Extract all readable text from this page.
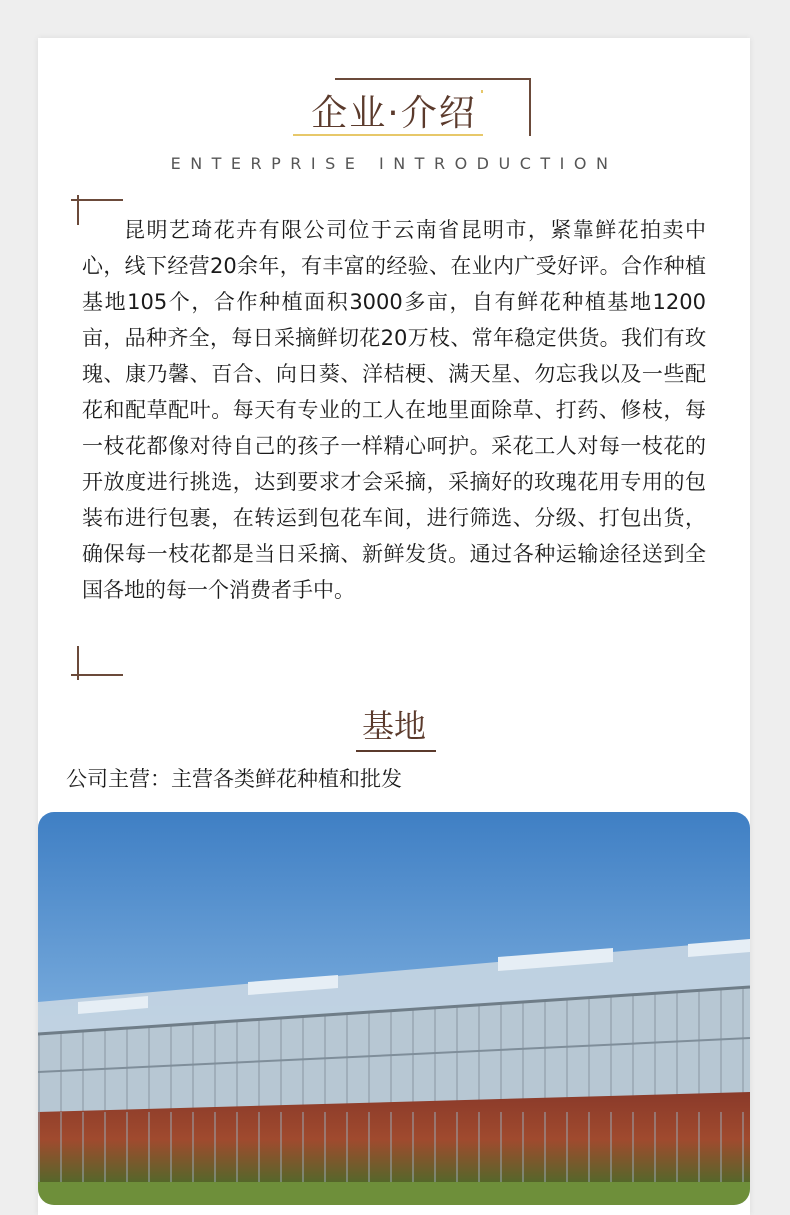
企业·介绍
ENTERPRISE INTRODUCTION

昆明艺琦花卉有限公司位于云南省昆明市，紧靠鲜花拍卖中心，线下经营20余年，有丰富的经验、在业内广受好评。合作种植基地105个，合作种植面积3000多亩，自有鲜花种植基地1200亩，品种齐全，每日采摘鲜切花20万枝、常年稳定供货。我们有玫瑰、康乃馨、百合、向日葵、洋桔梗、满天星、勿忘我以及一些配花和配草配叶。每天有专业的工人在地里面除草、打药、修枝，每一枝花都像对待自己的孩子一样精心呵护。采花工人对每一枝花的开放度进行挑选，达到要求才会采摘，采摘好的玫瑰花用专用的包装布进行包裹，在转运到包花车间，进行筛选、分级、打包出货，确保每一枝花都是当日采摘、新鲜发货。通过各种运输途径送到全国各地的每一个消费者手中。

基地
公司主营：主营各类鲜花种植和批发
